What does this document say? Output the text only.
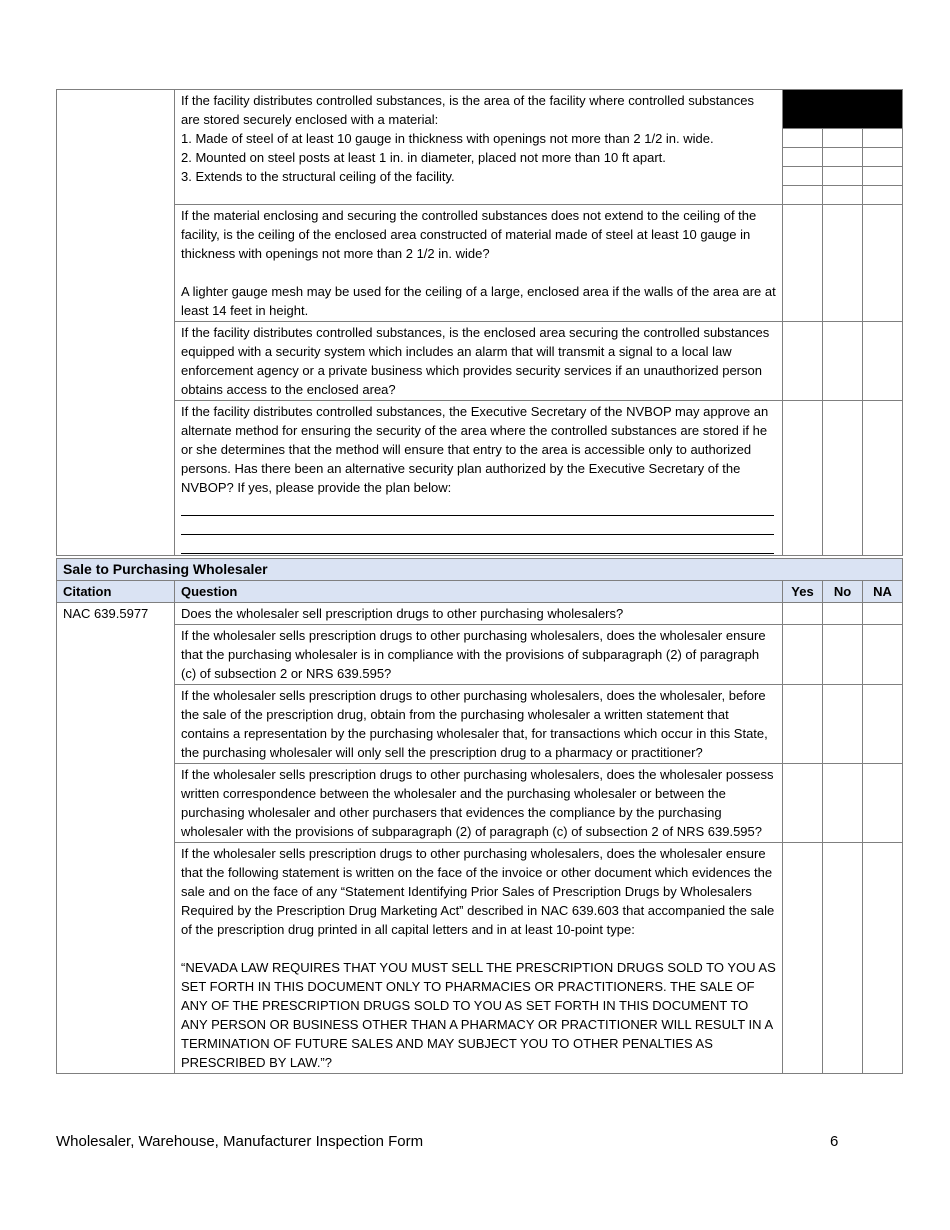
	If the facility distributes controlled substances, is the area of the facility where controlled substances are stored securely enclosed with a material:
1. Made of steel of at least 10 gauge in thickness with openings not more than 2 1/2 in. wide.
2. Mounted on steel posts at least 1 in. in diameter, placed not more than 10 ft apart.
3. Extends to the structural ceiling of the facility.			

	If the material enclosing and securing the controlled substances does not extend to the ceiling of the facility, is the ceiling of the enclosed area constructed of material made of steel at least 10 gauge in thickness with openings not more than 2 1/2 in. wide?

A lighter gauge mesh may be used for the ceiling of a large, enclosed area if the walls of the area are at least 14 feet in height.			
	If the facility distributes controlled substances, is the enclosed area securing the controlled substances equipped with a security system which includes an alarm that will transmit a signal to a local law enforcement agency or a private business which provides security services if an unauthorized person obtains access to the enclosed area?			

	If the facility distributes controlled substances, the Executive Secretary of the NVBOP may approve an alternate method for ensuring the security of the area where the controlled substances are stored if he or she determines that the method will ensure that entry to the area is accessible only to authorized persons. Has there been an alternative security plan authorized by the Executive Secretary of the NVBOP? If yes, please provide the plan below:			

Sale to Purchasing Wholesaler				
Citation	Question	Yes	No	NA
NAC 639.5977	Does the wholesaler sell prescription drugs to other purchasing wholesalers?			
	If the wholesaler sells prescription drugs to other purchasing wholesalers, does the wholesaler ensure that the purchasing wholesaler is in compliance with the provisions of subparagraph (2) of paragraph (c) of subsection 2 or NRS 639.595?			
	If the wholesaler sells prescription drugs to other purchasing wholesalers, does the wholesaler, before the sale of the prescription drug, obtain from the purchasing wholesaler a written statement that contains a representation by the purchasing wholesaler that, for transactions which occur in this State, the purchasing wholesaler will only sell the prescription drug to a pharmacy or practitioner?			
	If the wholesaler sells prescription drugs to other purchasing wholesalers, does the wholesaler possess written correspondence between the wholesaler and the purchasing wholesaler or between the purchasing wholesaler and other purchasers that evidences the compliance by the purchasing wholesaler with the provisions of subparagraph (2) of paragraph (c) of subsection 2 of NRS 639.595?			
	If the wholesaler sells prescription drugs to other purchasing wholesalers, does the wholesaler ensure that the following statement is written on the face of the invoice or other document which evidences the sale and on the face of any “Statement Identifying Prior Sales of Prescription Drugs by Wholesalers Required by the Prescription Drug Marketing Act” described in NAC 639.603 that accompanied the sale of the prescription drug printed in all capital letters and in at least 10-point type:

“NEVADA LAW REQUIRES THAT YOU MUST SELL THE PRESCRIPTION DRUGS SOLD TO YOU AS SET FORTH IN THIS DOCUMENT ONLY TO PHARMACIES OR PRACTITIONERS. THE SALE OF ANY OF THE PRESCRIPTION DRUGS SOLD TO YOU AS SET FORTH IN THIS DOCUMENT TO ANY PERSON OR BUSINESS OTHER THAN A PHARMACY OR PRACTITIONER WILL RESULT IN A TERMINATION OF FUTURE SALES AND MAY SUBJECT YOU TO OTHER PENALTIES AS PRESCRIBED BY LAW.”?			
Wholesaler, Warehouse, Manufacturer Inspection Form	6
